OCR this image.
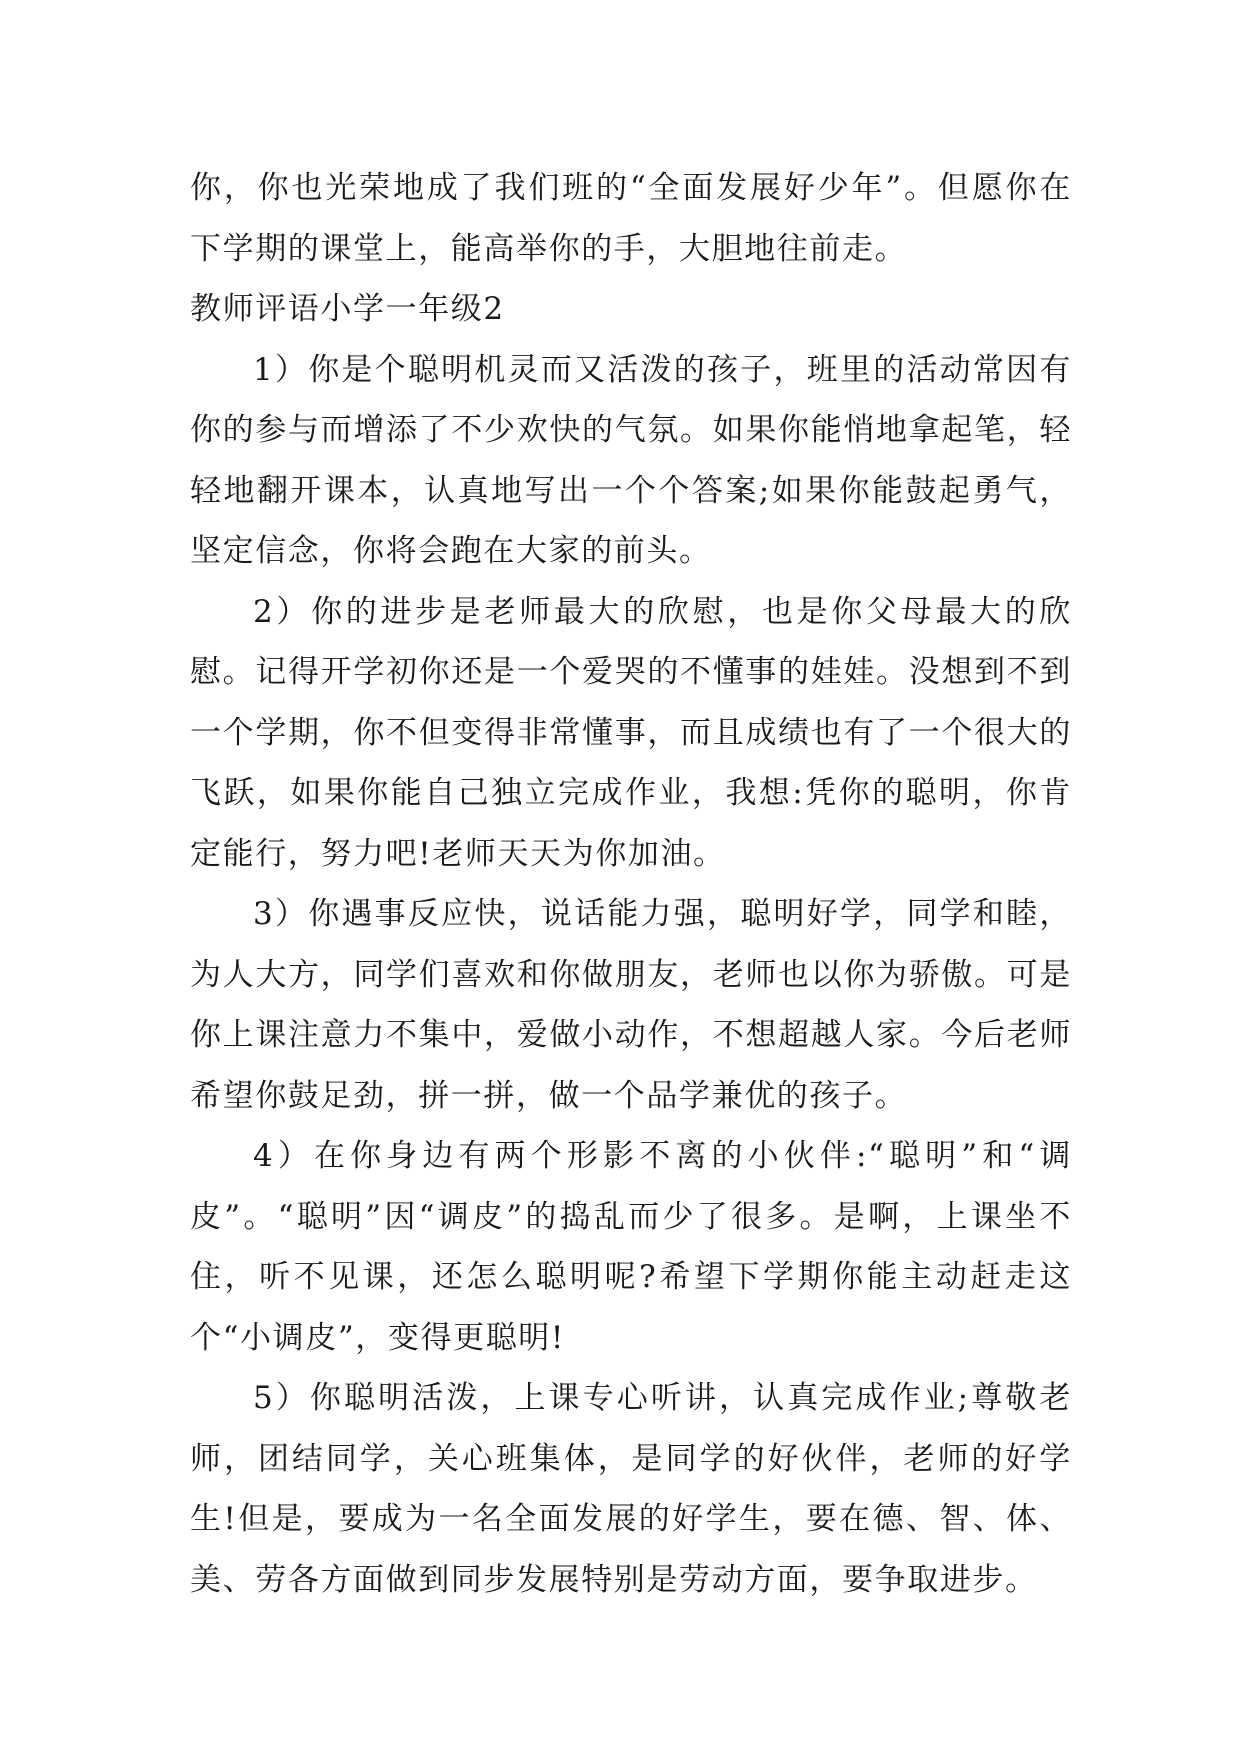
你，你也光荣地成了我们班的“全面发展好少年”。但愿你在下学期的课堂上，能高举你的手，大胆地往前走。

教师评语小学一年级2

1）你是个聪明机灵而又活泼的孩子，班里的活动常因有你的参与而增添了不少欢快的气氛。如果你能悄地拿起笔，轻轻地翻开课本，认真地写出一个个答案;如果你能鼓起勇气，坚定信念，你将会跑在大家的前头。

2）你的进步是老师最大的欣慰，也是你父母最大的欣慰。记得开学初你还是一个爱哭的不懂事的娃娃。没想到不到一个学期，你不但变得非常懂事，而且成绩也有了一个很大的飞跃，如果你能自己独立完成作业，我想:凭你的聪明，你肯定能行，努力吧!老师天天为你加油。

3）你遇事反应快，说话能力强，聪明好学，同学和睦，为人大方，同学们喜欢和你做朋友，老师也以你为骄傲。可是你上课注意力不集中，爱做小动作，不想超越人家。今后老师希望你鼓足劲，拼一拼，做一个品学兼优的孩子。

4）在你身边有两个形影不离的小伙伴:“聪明”和“调皮”。“聪明”因“调皮”的捣乱而少了很多。是啊，上课坐不住，听不见课，还怎么聪明呢?希望下学期你能主动赶走这个“小调皮”，变得更聪明!

5）你聪明活泼，上课专心听讲，认真完成作业;尊敬老师，团结同学，关心班集体，是同学的好伙伴，老师的好学生!但是，要成为一名全面发展的好学生，要在德、智、体、美、劳各方面做到同步发展特别是劳动方面，要争取进步。
